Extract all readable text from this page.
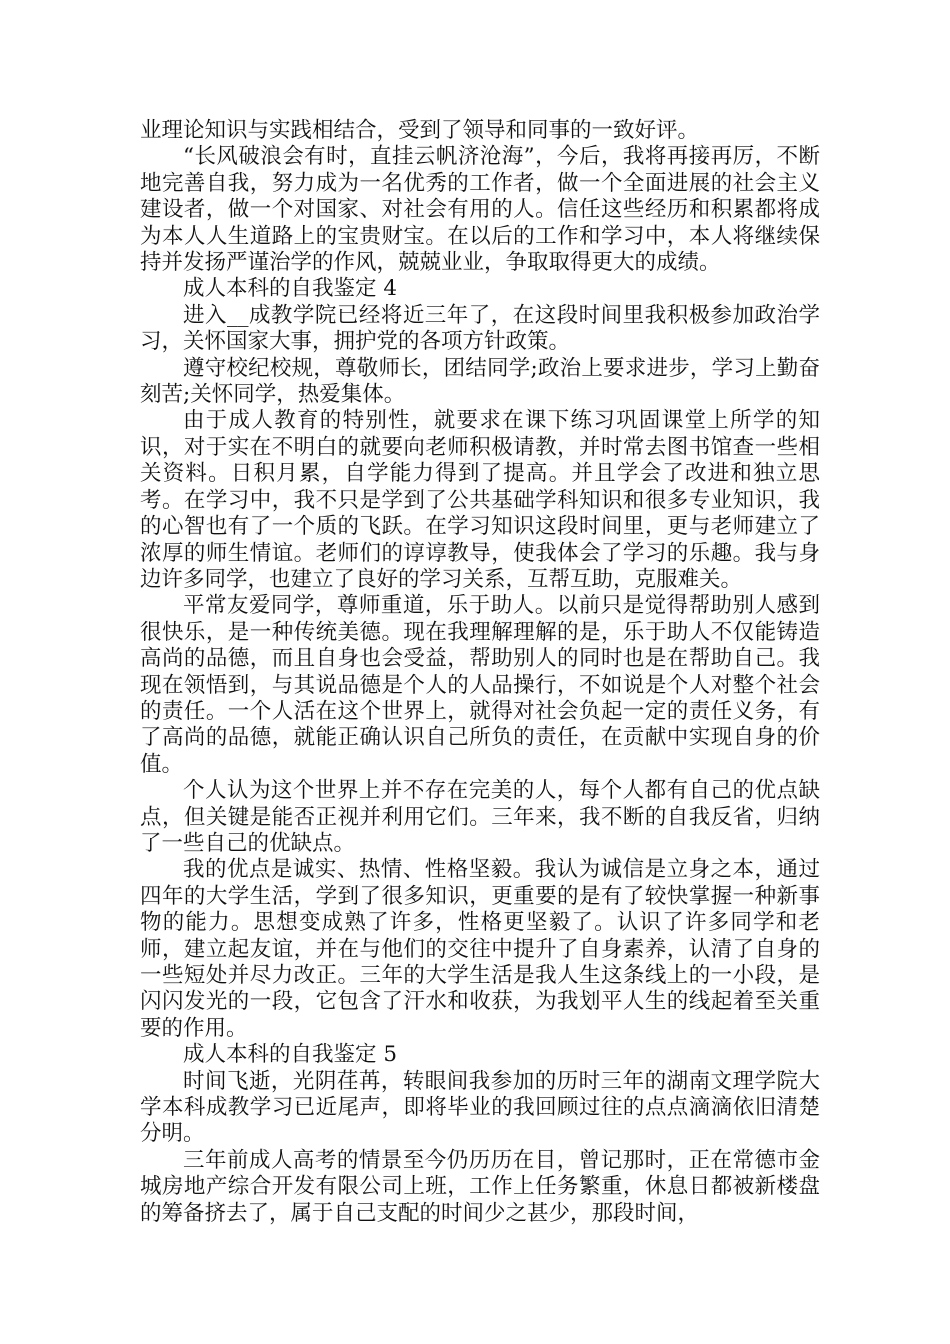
业理论知识与实践相结合，受到了领导和同事的一致好评。

“长风破浪会有时，直挂云帆济沧海”，今后，我将再接再厉，不断地完善自我，努力成为一名优秀的工作者，做一个全面进展的社会主义建设者，做一个对国家、对社会有用的人。信任这些经历和积累都将成为本人人生道路上的宝贵财宝。在以后的工作和学习中，本人将继续保持并发扬严谨治学的作风，兢兢业业，争取取得更大的成绩。

成人本科的自我鉴定 4

进入__成教学院已经将近三年了，在这段时间里我积极参加政治学习，关怀国家大事，拥护党的各项方针政策。

遵守校纪校规，尊敬师长，团结同学;政治上要求进步，学习上勤奋刻苦;关怀同学，热爱集体。

由于成人教育的特别性，就要求在课下练习巩固课堂上所学的知识，对于实在不明白的就要向老师积极请教，并时常去图书馆查一些相关资料。日积月累，自学能力得到了提高。并且学会了改进和独立思考。在学习中，我不只是学到了公共基础学科知识和很多专业知识，我的心智也有了一个质的飞跃。在学习知识这段时间里，更与老师建立了浓厚的师生情谊。老师们的谆谆教导，使我体会了学习的乐趣。我与身边许多同学，也建立了良好的学习关系，互帮互助，克服难关。

平常友爱同学，尊师重道，乐于助人。以前只是觉得帮助别人感到很快乐，是一种传统美德。现在我理解理解的是，乐于助人不仅能铸造高尚的品德，而且自身也会受益，帮助别人的同时也是在帮助自己。我现在领悟到，与其说品德是个人的人品操行，不如说是个人对整个社会的责任。一个人活在这个世界上，就得对社会负起一定的责任义务，有了高尚的品德，就能正确认识自己所负的责任，在贡献中实现自身的价值。

个人认为这个世界上并不存在完美的人，每个人都有自己的优点缺点，但关键是能否正视并利用它们。三年来，我不断的自我反省，归纳了一些自己的优缺点。

我的优点是诚实、热情、性格坚毅。我认为诚信是立身之本，通过四年的大学生活，学到了很多知识，更重要的是有了较快掌握一种新事物的能力。思想变成熟了许多，性格更坚毅了。认识了许多同学和老师，建立起友谊，并在与他们的交往中提升了自身素养，认清了自身的一些短处并尽力改正。三年的大学生活是我人生这条线上的一小段，是闪闪发光的一段，它包含了汗水和收获，为我划平人生的线起着至关重要的作用。

成人本科的自我鉴定 5

时间飞逝，光阴荏苒，转眼间我参加的历时三年的湖南文理学院大学本科成教学习已近尾声，即将毕业的我回顾过往的点点滴滴依旧清楚分明。

三年前成人高考的情景至今仍历历在目，曾记那时，正在常德市金城房地产综合开发有限公司上班，工作上任务繁重，休息日都被新楼盘的筹备挤去了，属于自己支配的时间少之甚少，那段时间，
